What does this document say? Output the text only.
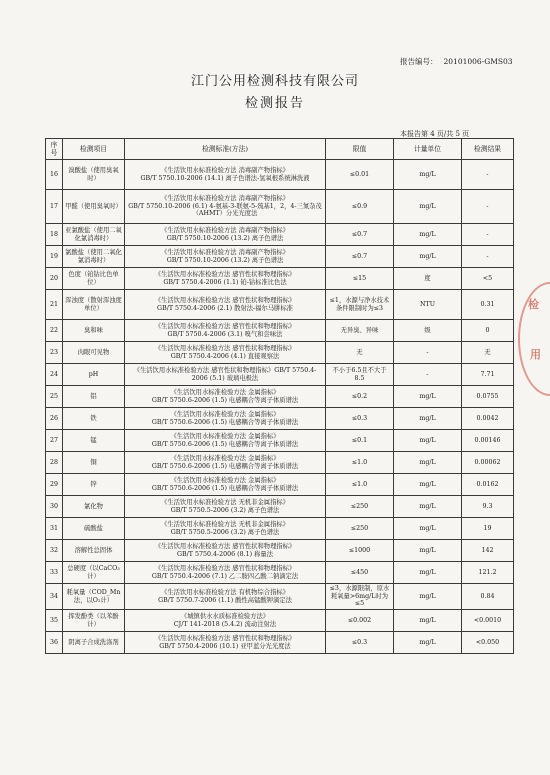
报告编号： 20101006-GMS03
江门公用检测科技有限公司
检测报告
本报告第 4 页/共 5 页
序号	检测项目	检测标准(方法)	限值	计量单位	检测结果
16	溴酸盐（使用臭氧时）	《生活饮用水标准检验方法 消毒副产物指标》
GB/T 5750.10-2006 (14.1) 离子色谱法-氢氧根系统淋洗液	≤0.01	mg/L	-
17	甲醛（使用臭氧时）	《生活饮用水标准检验方法 消毒副产物指标》
GB/T 5750.10-2006 (6.1) 4-氨基-3-联氨-5-巯基1，2，4-三氮杂茂（AHMT）分光光度法	≤0.9	mg/L	-
18	亚氯酸盐（使用二氧化氯消毒时）	《生活饮用水标准检验方法 消毒副产物指标》
GB/T 5750.10-2006 (13.2) 离子色谱法	≤0.7	mg/L	-
19	氯酸盐（使用二氧化氯消毒时）	《生活饮用水标准检验方法 消毒副产物指标》
GB/T 5750.10-2006 (13.2) 离子色谱法	≤0.7	mg/L	-
20	色度（铂钴比色单位）	《生活饮用水标准检验方法 感官性状和物理指标》
GB/T 5750.4-2006 (1.1) 铂-钴标准比色法	≤15	度	<5
21	浑浊度（散射浑浊度单位）	《生活饮用水标准检验方法 感官性状和物理指标》
GB/T 5750.4-2006 (2.1) 散射法-福尔马肼标准	≤1，水源与净水技术条件限制时为≤3	NTU	0.31
22	臭和味	《生活饮用水标准检验方法 感官性状和物理指标》
GB/T 5750.4-2006 (3.1) 嗅气和尝味法	无异臭、异味	级	0
23	肉眼可见物	《生活饮用水标准检验方法 感官性状和物理指标》
GB/T 5750.4-2006 (4.1) 直接观察法	无	-	无
24	pH	《生活饮用水标准检验方法 感官性状和物理指标》GB/T 5750.4-2006 (5.1) 玻璃电极法	不小于6.5且不大于8.5	-	7.71
25	铝	《生活饮用水标准检验方法 金属指标》
GB/T 5750.6-2006 (1.5) 电感耦合等离子体质谱法	≤0.2	mg/L	0.0755
26	铁	《生活饮用水标准检验方法 金属指标》
GB/T 5750.6-2006 (1.5) 电感耦合等离子体质谱法	≤0.3	mg/L	0.0042
27	锰	《生活饮用水标准检验方法 金属指标》
GB/T 5750.6-2006 (1.5) 电感耦合等离子体质谱法	≤0.1	mg/L	0.00146
28	铜	《生活饮用水标准检验方法 金属指标》
GB/T 5750.6-2006 (1.5) 电感耦合等离子体质谱法	≤1.0	mg/L	0.00062
29	锌	《生活饮用水标准检验方法 金属指标》
GB/T 5750.6-2006 (1.5) 电感耦合等离子体质谱法	≤1.0	mg/L	0.0162
30	氯化物	《生活饮用水标准检验方法 无机非金属指标》
GB/T 5750.5-2006 (3.2) 离子色谱法	≤250	mg/L	9.3
31	硫酸盐	《生活饮用水标准检验方法 无机非金属指标》
GB/T 5750.5-2006 (3.2) 离子色谱法	≤250	mg/L	19
32	溶解性总固体	《生活饮用水标准检验方法 感官性状和物理指标》
GB/T 5750.4-2006 (8.1) 称量法	≤1000	mg/L	142
33	总硬度（以CaCO₃计）	《生活饮用水标准检验方法 感官性状和物理指标》
GB/T 5750.4-2006 (7.1) 乙二胺四乙酸二钠滴定法	≤450	mg/L	121.2
34	耗氧量（COD_Mn法，以O₂计）	《生活饮用水标准检验方法 有机物综合指标》
GB/T 5750.7-2006 (1.1) 酸性高锰酸钾滴定法	≤3，水源限制，原水耗氧量>6mg/L时为≤5	mg/L	0.84
35	挥发酚类（以苯酚计）	《城镇供水水质标准检验方法》
CJ/T 141-2018 (5.4.2) 流动注射法	≤0.002	mg/L	<0.0010
36	阴离子合成洗涤剂	《生活饮用水标准检验方法 感官性状和物理指标》
GB/T 5750.4-2006 (10.1) 亚甲蓝分光光度法	≤0.3	mg/L	<0.050
检
用
